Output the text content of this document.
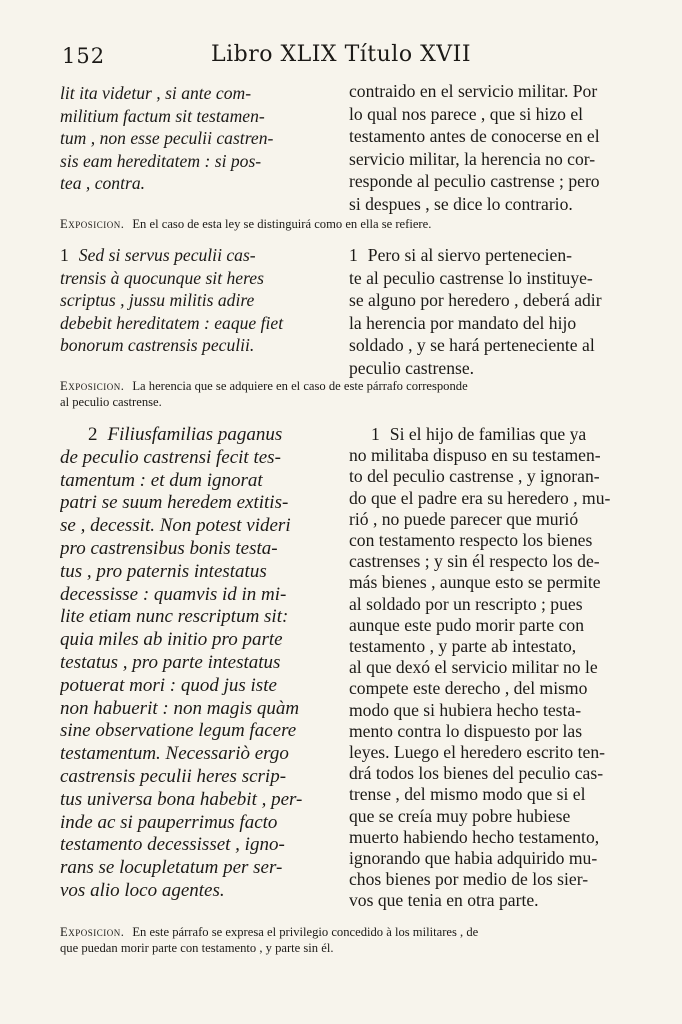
152	Libro XLIX Título XVII
lit ita videtur , si ante com-
militium factum sit testamen-
tum , non esse peculii castren-
sis eam hereditatem : si pos-
tea , contra.
contraido en el servicio militar. Por
lo qual nos parece , que si hizo el
testamento antes de conocerse en el
servicio militar, la herencia no cor-
responde al peculio castrense ; pero
si despues , se dice lo contrario.
Exposicion. En el caso de esta ley se distinguirá como en ella se refiere.
1 Sed si servus peculii cas-
trensis à quocunque sit heres
scriptus , jussu militis adire
debebit hereditatem : eaque fiet
bonorum castrensis peculii.
1 Pero si al siervo pertenecien-
te al peculio castrense lo instituye-
se alguno por heredero , deberá adir
la herencia por mandato del hijo
soldado , y se hará perteneciente al
peculio castrense.
Exposicion. La herencia que se adquiere en el caso de este párrafo corresponde
al peculio castrense.
2 Filiusfamilias paganus
de peculio castrensi fecit tes-
tamentum : et dum ignorat
patri se suum heredem extitis-
se , decessit. Non potest videri
pro castrensibus bonis testa-
tus , pro paternis intestatus
decessisse : quamvis id in mi-
lite etiam nunc rescriptum sit:
quia miles ab initio pro parte
testatus , pro parte intestatus
potuerat mori : quod jus iste
non habuerit : non magis quàm
sine observatione legum facere
testamentum. Necessariò ergo
castrensis peculii heres scrip-
tus universa bona habebit , per-
inde ac si pauperrimus facto
testamento decessisset , igno-
rans se locupletatum per ser-
vos alio loco agentes.
1 Si el hijo de familias que ya
no militaba dispuso en su testamen-
to del peculio castrense , y ignoran-
do que el padre era su heredero , mu-
rió , no puede parecer que murió
con testamento respecto los bienes
castrenses ; y sin él respecto los de-
más bienes , aunque esto se permite
al soldado por un rescripto ; pues
aunque este pudo morir parte con
testamento , y parte ab intestato,
al que dexó el servicio militar no le
compete este derecho , del mismo
modo que si hubiera hecho testa-
mento contra lo dispuesto por las
leyes. Luego el heredero escrito ten-
drá todos los bienes del peculio cas-
trense , del mismo modo que si el
que se creía muy pobre hubiese
muerto habiendo hecho testamento,
ignorando que habia adquirido mu-
chos bienes por medio de los sier-
vos que tenia en otra parte.
Exposicion. En este párrafo se expresa el privilegio concedido à los militares , de
que puedan morir parte con testamento , y parte sin él.
